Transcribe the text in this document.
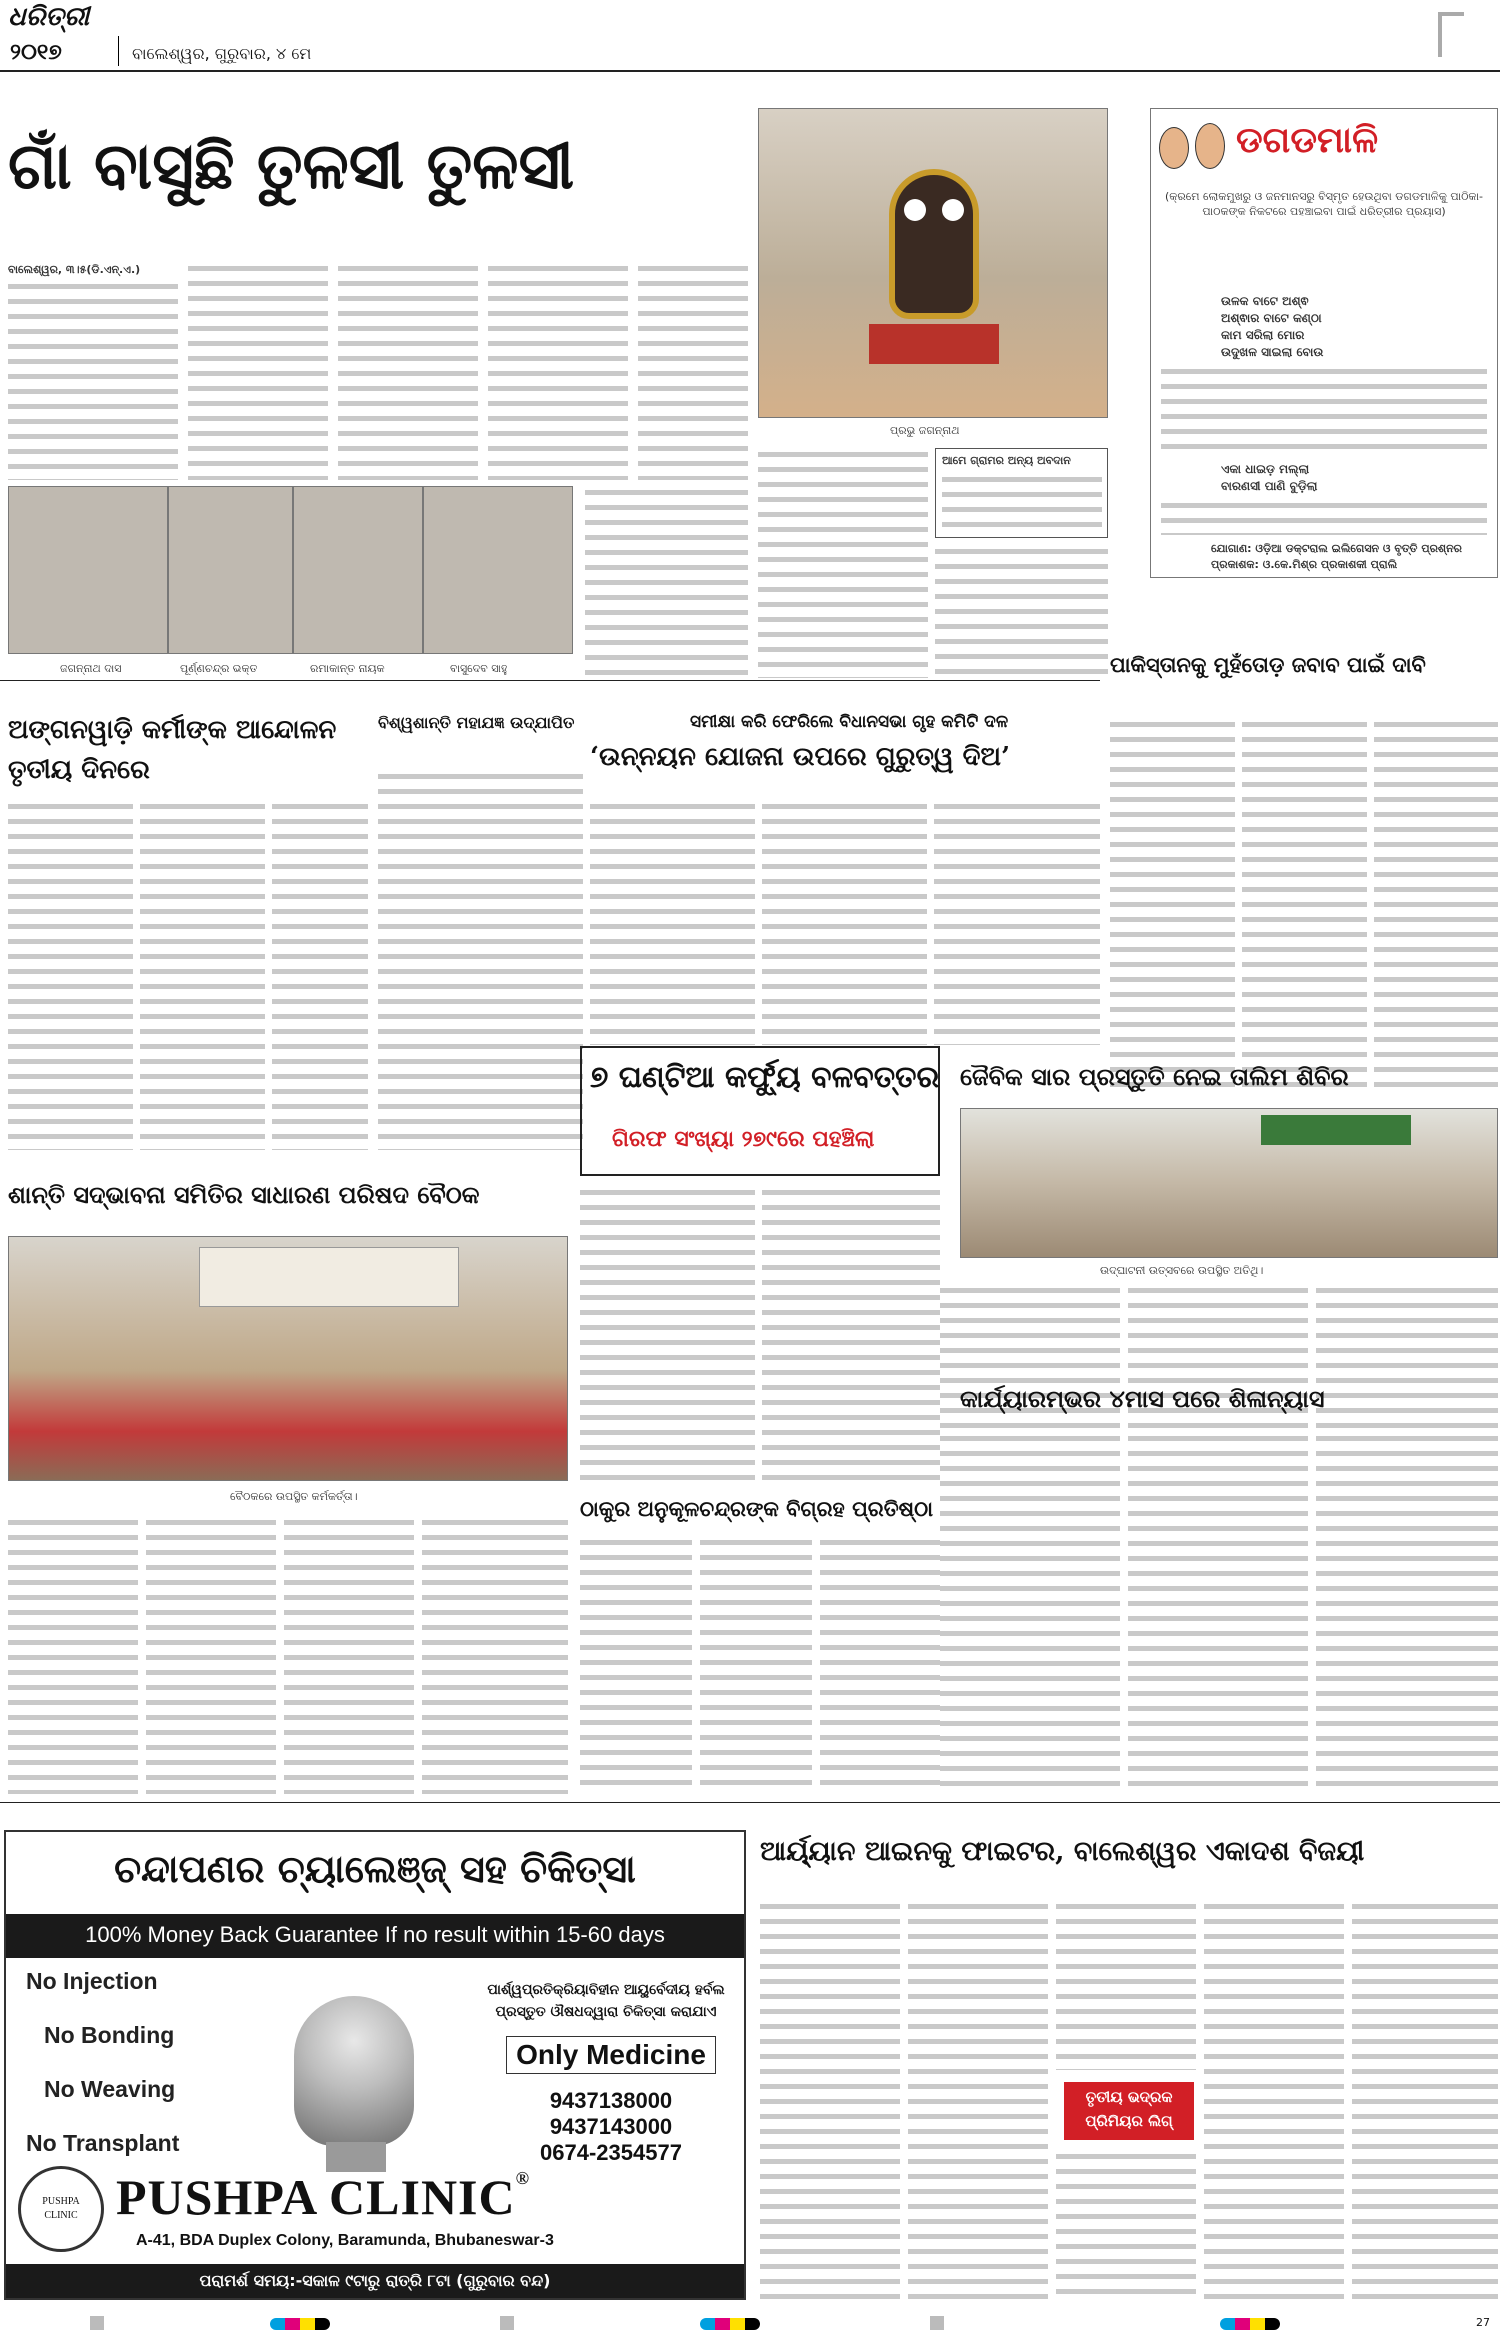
ଧରିତ୍ରୀ
୨୦୧୭	ବାଲେଶ୍ୱର, ଗୁରୁବାର, ୪ ମେ
ଗାଁ ବାସୁଛି ତୁଳସୀ ତୁଳସୀ
ବାଲେଶ୍ୱର, ୩।୫(ଡି.ଏନ୍.ଏ.)
ଜଗନ୍ନାଥ ଦାସ	ପୂର୍ଣ୍ଣଚନ୍ଦ୍ର ଭକ୍ତ	ରମାକାନ୍ତ ନାୟକ	ବାସୁଦେବ ସାହୁ
ପ୍ରଭୁ ଜଗନ୍ନାଥ
ଆମେ ଗ୍ରାମର ଅନ୍ୟ ଅବଦାନ
ଡଗଡମାଳି
(କ୍ରମେ ଲୋକମୁଖରୁ ଓ ଜନମାନସରୁ ବିସ୍ମୃତ ହେଉଥିବା ଡଗଡମାଳିକୁ ପାଠିକା-ପାଠକଙ୍କ ନିକଟରେ ପହଞ୍ଚାଇବା ପାଇଁ ଧରିତ୍ରୀର ପ୍ରୟାସ)
ଉଳକ ବାଟେ ଅଶ୍ଵ
ଅଶ୍ଵାର ବାଟେ କଣ୍ଠା
କାମ ସରିଲା ମୋର
ଉଦୁଖଳ ସାଇଲା ବୋଉ
ଏକା ଧାଇଡ଼ ମଲ୍ଲା
ବାରଣସୀ ପାଣି ବୁଡ଼ିଲା
ଯୋଗାଣ: ଓଡ଼ିଆ ଡକ୍ଟରାଲ ଇଲିଗେସନ ଓ ବୃତ୍ତି ପ୍ରଶ୍ନର
ପ୍ରକାଶକ: ଓ.କେ.ମିଶ୍ର ପ୍ରକାଶକୀ ପ୍ରାଲି
ପାକିସ୍ତାନକୁ ମୁହଁତୋଡ଼ ଜବାବ ପାଇଁ ଦାବି
ଅଙ୍ଗନୱାଡ଼ି କର୍ମୀଙ୍କ ଆନ୍ଦୋଳନ ତୃତୀୟ ଦିନରେ
ବିଶ୍ୱଶାନ୍ତି ମହାଯଜ୍ଞ ଉଦ୍‌ଯାପିତ	ସମୀକ୍ଷା କରି ଫେରିଲେ ବିଧାନସଭା ଗୃହ କମିଟି ଦଳ
‘ଉନ୍ନୟନ ଯୋଜନା ଉପରେ ଗୁରୁତ୍ୱ ଦିଅ’
୭ ଘଣ୍ଟିଆ କର୍ଫ୍ୟୁ ବଳବତ୍ତର
ଗିରଫ ସଂଖ୍ୟା ୨୭୯ରେ ପହଞ୍ଚିଲା
ଜୈବିକ ସାର ପ୍ରସ୍ତୁତି ନେଇ ତାଲିମ ଶିବିର
ଉଦ୍‌ଘାଟନୀ ଉତ୍ସବରେ ଉପସ୍ଥିତ ଅତିଥି।
ଶାନ୍ତି ସଦ୍‌ଭାବନା ସମିତିର ସାଧାରଣ ପରିଷଦ ବୈଠକ
ବୈଠକରେ ଉପସ୍ଥିତ କର୍ମକର୍ତ୍ତା।	ଠାକୁର ଅନୁକୂଳଚନ୍ଦ୍ରଙ୍କ ବିଗ୍ରହ ପ୍ରତିଷ୍ଠା
କାର୍ଯ୍ୟାରମ୍ଭର ୪ମାସ ପରେ ଶିଳାନ୍ୟାସ
ଚନ୍ଦାପଣର ଚ୍ୟାଲେଞ୍ଜ୍ ସହ ଚିକିତ୍ସା
100% Money Back Guarantee If no result within 15-60 days
No Injection
No Bonding
No Weaving
No Transplant
ପାର୍ଶ୍ୱପ୍ରତିକ୍ରିୟାବିହୀନ ଆୟୁର୍ବେଦୀୟ ହର୍ବଲ
ପ୍ରସ୍ତୁତ ଔଷଧଦ୍ୱାରା ଚିକିତ୍ସା କରାଯାଏ
Only Medicine
9437138000
9437143000
0674-2354577
PUSHPA CLINIC PUSHPA CLINIC®
A-41, BDA Duplex Colony, Baramunda, Bhubaneswar-3
ପରାମର୍ଶ ସମୟ:-ସକାଳ ୯ଟାରୁ ରାତ୍ରି ୮ଟା (ଗୁରୁବାର ବନ୍ଦ)
ଆର୍ୟ୍ୟାନ ଆଇନକୁ ଫାଇଟର, ବାଲେଶ୍ୱର ଏକାଦଶ ବିଜୟୀ
ତୃତୀୟ ଭଦ୍ରକ
ପ୍ରିମିୟର ଲିଗ୍
27
